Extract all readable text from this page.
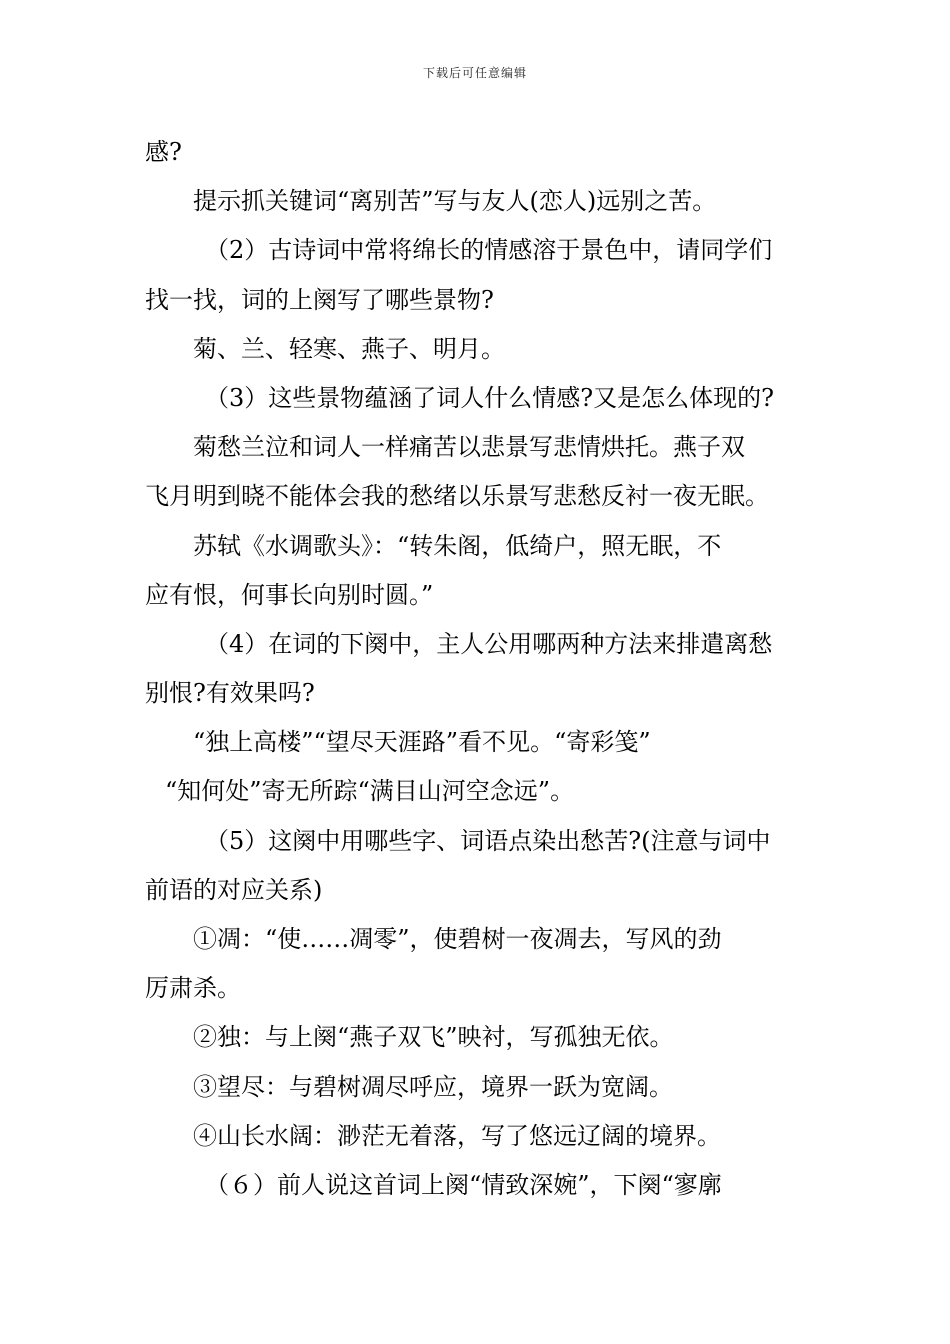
下载后可任意编辑
感?
提示抓关键词“离别苦”写与友人(恋人)远别之苦。
（2）古诗词中常将绵长的情感溶于景色中，请同学们
找一找，词的上阕写了哪些景物?
菊、兰、轻寒、燕子、明月。
（3）这些景物蕴涵了词人什么情感?又是怎么体现的?
菊愁兰泣和词人一样痛苦以悲景写悲情烘托。燕子双
飞月明到晓不能体会我的愁绪以乐景写悲愁反衬一夜无眠。
苏轼《水调歌头》：“转朱阁，低绮户，照无眠，不
应有恨，何事长向别时圆。”
（4）在词的下阕中，主人公用哪两种方法来排遣离愁
别恨?有效果吗?
“独上高楼”“望尽天涯路”看不见。“寄彩笺”
“知何处”寄无所踪“满目山河空念远”。
（5）这阕中用哪些字、词语点染出愁苦?(注意与词中
前语的对应关系)
①凋：“使……凋零”，使碧树一夜凋去，写风的劲
厉肃杀。
②独：与上阕“燕子双飞”映衬，写孤独无依。
③望尽：与碧树凋尽呼应，境界一跃为宽阔。
④山长水阔：渺茫无着落，写了悠远辽阔的境界。
（６）前人说这首词上阕“情致深婉”，下阕“寥廓
